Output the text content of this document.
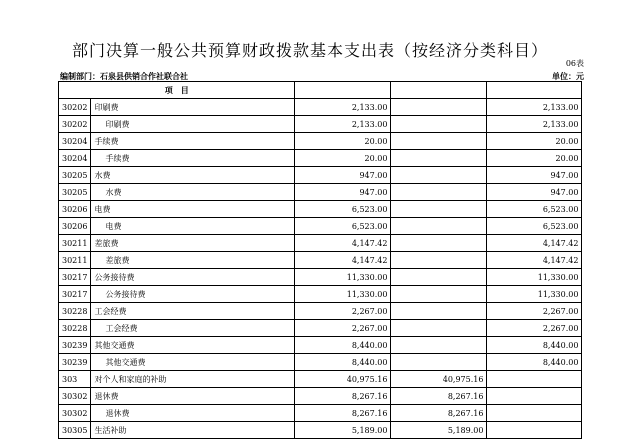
部门决算一般公共预算财政拨款基本支出表（按经济分类科目）
06表
编制部门：石泉县供销合作社联合社	单位：元
项　目				
30202	印刷费	2,133.00		2,133.00
30202	印刷费	2,133.00		2,133.00
30204	手续费	20.00		20.00
30204	手续费	20.00		20.00
30205	水费	947.00		947.00
30205	水费	947.00		947.00
30206	电费	6,523.00		6,523.00
30206	电费	6,523.00		6,523.00
30211	差旅费	4,147.42		4,147.42
30211	差旅费	4,147.42		4,147.42
30217	公务接待费	11,330.00		11,330.00
30217	公务接待费	11,330.00		11,330.00
30228	工会经费	2,267.00		2,267.00
30228	工会经费	2,267.00		2,267.00
30239	其他交通费	8,440.00		8,440.00
30239	其他交通费	8,440.00		8,440.00
303	对个人和家庭的补助	40,975.16	40,975.16	
30302	退休费	8,267.16	8,267.16	
30302	退休费	8,267.16	8,267.16	
30305	生活补助	5,189.00	5,189.00	
